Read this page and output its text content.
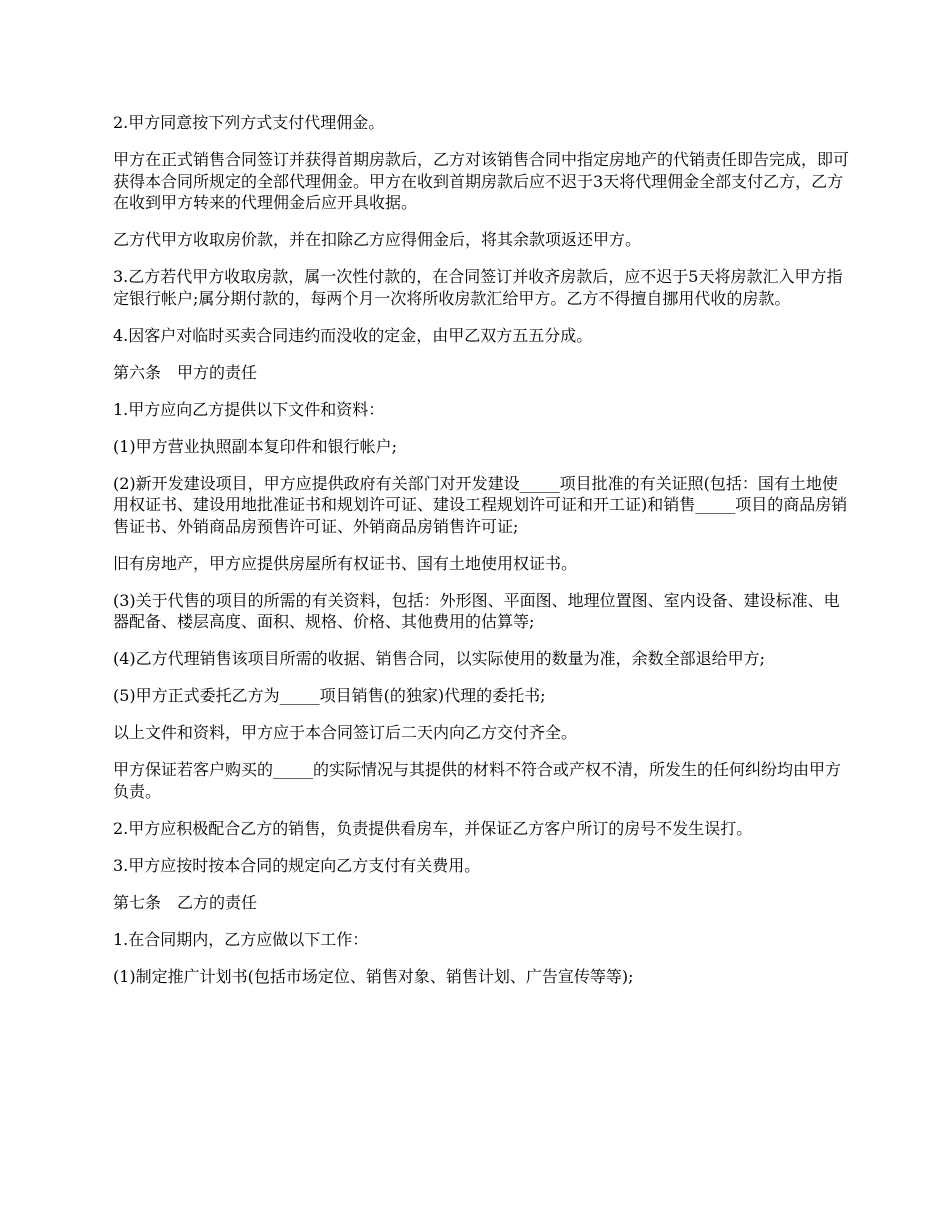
2.甲方同意按下列方式支付代理佣金。

甲方在正式销售合同签订并获得首期房款后，乙方对该销售合同中指定房地产的代销责任即告完成，即可获得本合同所规定的全部代理佣金。甲方在收到首期房款后应不迟于3天将代理佣金全部支付乙方，乙方在收到甲方转来的代理佣金后应开具收据。

乙方代甲方收取房价款，并在扣除乙方应得佣金后，将其余款项返还甲方。

3.乙方若代甲方收取房款，属一次性付款的，在合同签订并收齐房款后，应不迟于5天将房款汇入甲方指定银行帐户;属分期付款的，每两个月一次将所收房款汇给甲方。乙方不得擅自挪用代收的房款。

4.因客户对临时买卖合同违约而没收的定金，由甲乙双方五五分成。

第六条　甲方的责任

1.甲方应向乙方提供以下文件和资料：

(1)甲方营业执照副本复印件和银行帐户;

(2)新开发建设项目，甲方应提供政府有关部门对开发建设_____项目批准的有关证照(包括：国有土地使用权证书、建设用地批准证书和规划许可证、建设工程规划许可证和开工证)和销售_____项目的商品房销售证书、外销商品房预售许可证、外销商品房销售许可证;

旧有房地产，甲方应提供房屋所有权证书、国有土地使用权证书。

(3)关于代售的项目的所需的有关资料，包括：外形图、平面图、地理位置图、室内设备、建设标准、电器配备、楼层高度、面积、规格、价格、其他费用的估算等;

(4)乙方代理销售该项目所需的收据、销售合同，以实际使用的数量为准，余数全部退给甲方;

(5)甲方正式委托乙方为_____项目销售(的独家)代理的委托书;

以上文件和资料，甲方应于本合同签订后二天内向乙方交付齐全。

甲方保证若客户购买的_____的实际情况与其提供的材料不符合或产权不清，所发生的任何纠纷均由甲方负责。

2.甲方应积极配合乙方的销售，负责提供看房车，并保证乙方客户所订的房号不发生误打。

3.甲方应按时按本合同的规定向乙方支付有关费用。

第七条　乙方的责任

1.在合同期内，乙方应做以下工作：

(1)制定推广计划书(包括市场定位、销售对象、销售计划、广告宣传等等);
